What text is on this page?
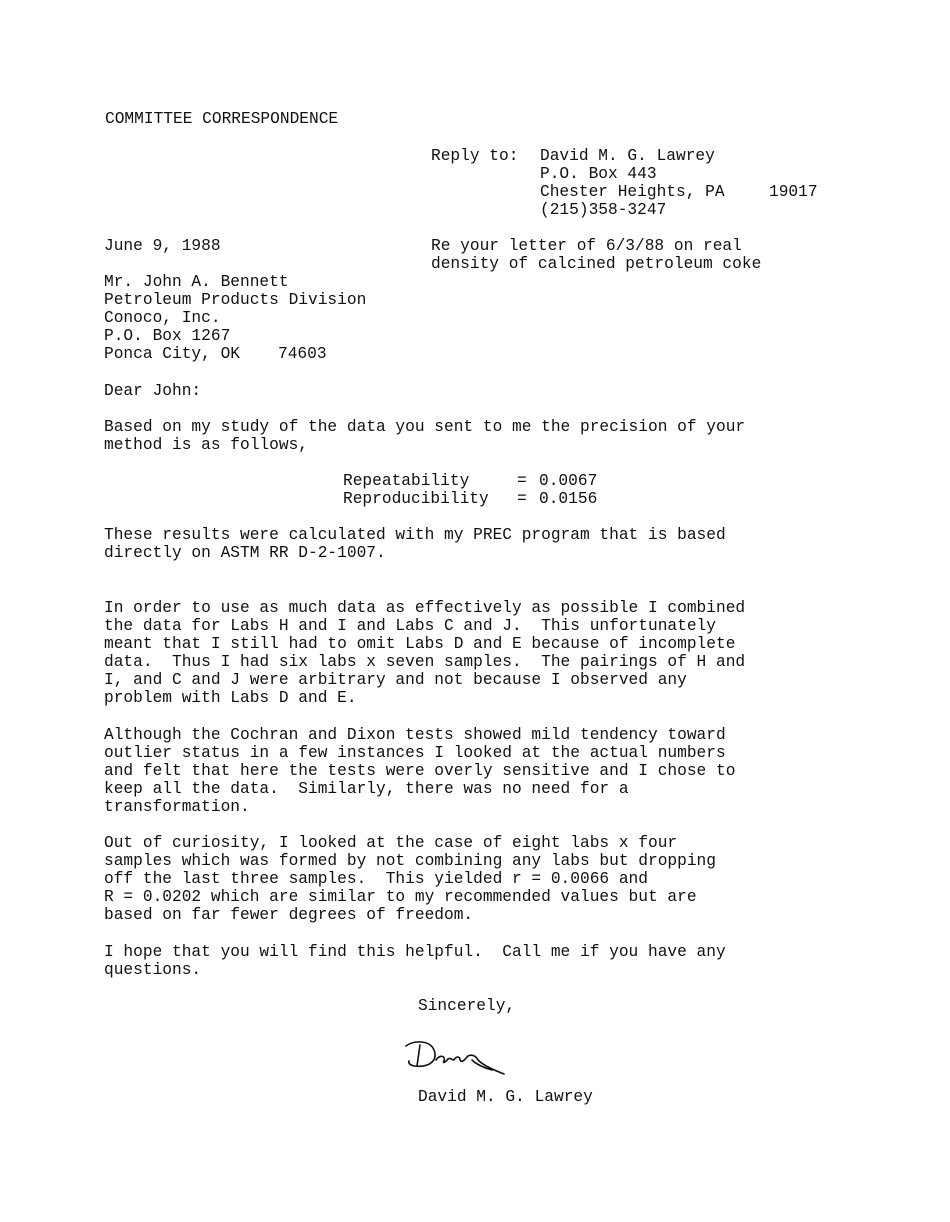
COMMITTEE CORRESPONDENCE
Reply to: David M. G. Lawrey
P.O. Box 443
Chester Heights, PA	19017
(215)358-3247
June 9, 1988	Re your letter of 6/3/88 on real
density of calcined petroleum coke
Mr. John A. Bennett
Petroleum Products Division
Conoco, Inc.
P.O. Box 1267
Ponca City, OK 74603
Dear John:
Based on my study of the data you sent to me the precision of your
method is as follows,
Repeatability	= 0.0067
Reproducibility = 0.0156
These results were calculated with my PREC program that is based
directly on ASTM RR D-2-1007.
In order to use as much data as effectively as possible I combined
the data for Labs H and I and Labs C and J.  This unfortunately
meant that I still had to omit Labs D and E because of incomplete
data.  Thus I had six labs x seven samples.  The pairings of H and
I, and C and J were arbitrary and not because I observed any
problem with Labs D and E.
Although the Cochran and Dixon tests showed mild tendency toward
outlier status in a few instances I looked at the actual numbers
and felt that here the tests were overly sensitive and I chose to
keep all the data.  Similarly, there was no need for a
transformation.
Out of curiosity, I looked at the case of eight labs x four
samples which was formed by not combining any labs but dropping
off the last three samples.  This yielded r = 0.0066 and
R = 0.0202 which are similar to my recommended values but are
based on far fewer degrees of freedom.
I hope that you will find this helpful.  Call me if you have any
questions.
Sincerely,
David M. G. Lawrey
